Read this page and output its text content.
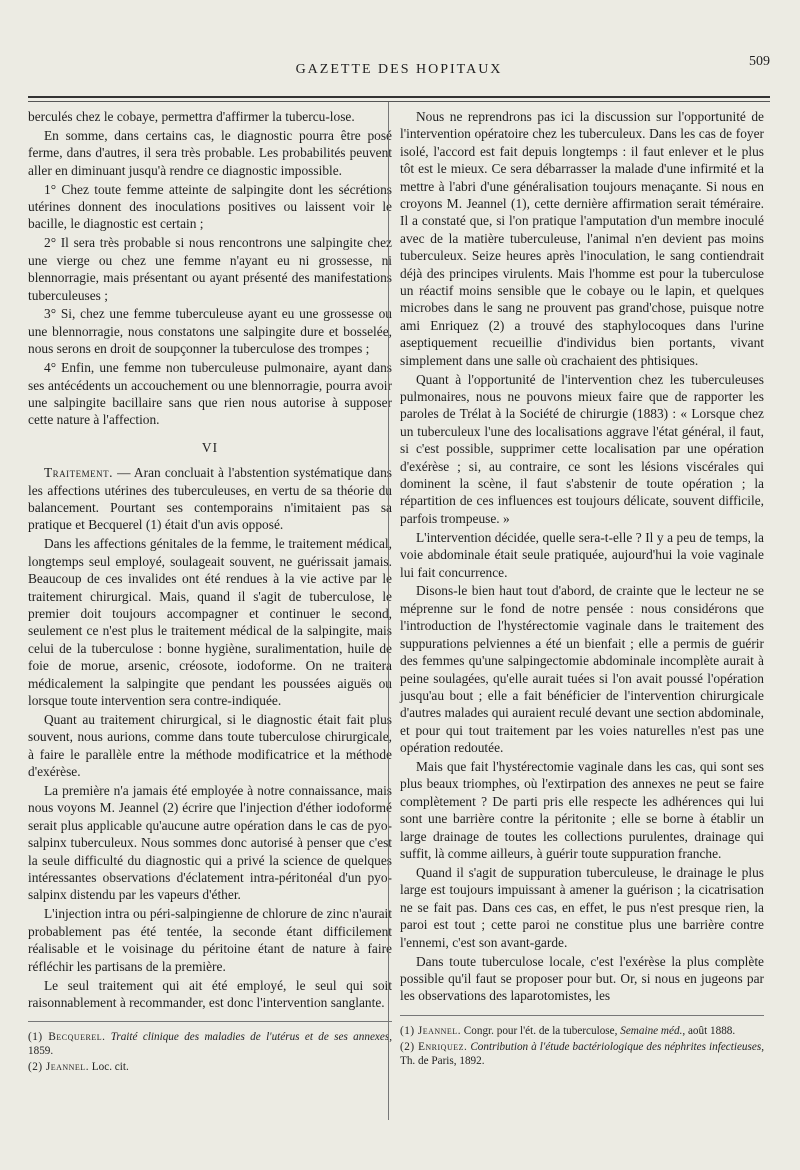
GAZETTE DES HOPITAUX
509

berculés chez le cobaye, permettra d'affirmer la tubercu-lose.

En somme, dans certains cas, le diagnostic pourra être posé ferme, dans d'autres, il sera très probable. Les probabilités peuvent aller en diminuant jusqu'à rendre ce diagnostic impossible.

1° Chez toute femme atteinte de salpingite dont les sécrétions utérines donnent des inoculations positives ou laissent voir le bacille, le diagnostic est certain ;

2° Il sera très probable si nous rencontrons une salpingite chez une vierge ou chez une femme n'ayant eu ni grossesse, ni blennorragie, mais présentant ou ayant présenté des manifestations tuberculeuses ;

3° Si, chez une femme tuberculeuse ayant eu une grossesse ou une blennorragie, nous constatons une salpingite dure et bosselée, nous serons en droit de soupçonner la tuberculose des trompes ;

4° Enfin, une femme non tuberculeuse pulmonaire, ayant dans ses antécédents un accouchement ou une blennorragie, pourra avoir une salpingite bacillaire sans que rien nous autorise à supposer cette nature à l'affection.

VI

Traitement. — Aran concluait à l'abstention systématique dans les affections utérines des tuberculeuses, en vertu de sa théorie du balancement. Pourtant ses contemporains n'imitaient pas sa pratique et Becquerel (1) était d'un avis opposé.

Dans les affections génitales de la femme, le traitement médical, longtemps seul employé, soulageait souvent, ne guérissait jamais. Beaucoup de ces invalides ont été rendues à la vie active par le traitement chirurgical. Mais, quand il s'agit de tuberculose, le premier doit toujours accompagner et continuer le second, seulement ce n'est plus le traitement médical de la salpingite, mais celui de la tuberculose : bonne hygiène, suralimentation, huile de foie de morue, arsenic, créosote, iodoforme. On ne traitera médicalement la salpingite que pendant les poussées aiguës ou lorsque toute intervention sera contre-indiquée.

Quant au traitement chirurgical, si le diagnostic était fait plus souvent, nous aurions, comme dans toute tuberculose chirurgicale, à faire le parallèle entre la méthode modificatrice et la méthode d'exérèse.

La première n'a jamais été employée à notre connaissance, mais nous voyons M. Jeannel (2) écrire que l'injection d'éther iodoformé serait plus applicable qu'aucune autre opération dans le cas de pyo-salpinx tuberculeux. Nous sommes donc autorisé à penser que c'est la seule difficulté du diagnostic qui a privé la science de quelques intéressantes observations d'éclatement intra-péritonéal d'un pyo-salpinx distendu par les vapeurs d'éther.

L'injection intra ou péri-salpingienne de chlorure de zinc n'aurait probablement pas été tentée, la seconde étant difficilement réalisable et le voisinage du péritoine étant de nature à faire réfléchir les partisans de la première.

Le seul traitement qui ait été employé, le seul qui soit raisonnablement à recommander, est donc l'intervention sanglante.

(1) Becquerel. Traité clinique des maladies de l'utérus et de ses annexes, 1859.
(2) Jeannel. Loc. cit.

Nous ne reprendrons pas ici la discussion sur l'opportunité de l'intervention opératoire chez les tuberculeux. Dans les cas de foyer isolé, l'accord est fait depuis longtemps : il faut enlever et le plus tôt est le mieux. Ce sera débarrasser la malade d'une infirmité et la mettre à l'abri d'une généralisation toujours menaçante. Si nous en croyons M. Jeannel (1), cette dernière affirmation serait téméraire. Il a constaté que, si l'on pratique l'amputation d'un membre inoculé avec de la matière tuberculeuse, l'animal n'en devient pas moins tuberculeux. Seize heures après l'inoculation, le sang contiendrait déjà des principes virulents. Mais l'homme est pour la tuberculose un réactif moins sensible que le cobaye ou le lapin, et quelques microbes dans le sang ne prouvent pas grand'chose, puisque notre ami Enriquez (2) a trouvé des staphylocoques dans l'urine aseptiquement recueillie d'individus bien portants, vivant simplement dans une salle où crachaient des phtisiques.

Quant à l'opportunité de l'intervention chez les tuberculeuses pulmonaires, nous ne pouvons mieux faire que de rapporter les paroles de Trélat à la Société de chirurgie (1883) : « Lorsque chez un tuberculeux l'une des localisations aggrave l'état général, il faut, si c'est possible, supprimer cette localisation par une opération d'exérèse ; si, au contraire, ce sont les lésions viscérales qui dominent la scène, il faut s'abstenir de toute opération ; la répartition de ces influences est toujours délicate, souvent difficile, parfois trompeuse. »

L'intervention décidée, quelle sera-t-elle ? Il y a peu de temps, la voie abdominale était seule pratiquée, aujourd'hui la voie vaginale lui fait concurrence.

Disons-le bien haut tout d'abord, de crainte que le lecteur ne se méprenne sur le fond de notre pensée : nous considérons que l'introduction de l'hystérectomie vaginale dans le traitement des suppurations pelviennes a été un bienfait ; elle a permis de guérir des femmes qu'une salpingectomie abdominale incomplète aurait à peine soulagées, qu'elle aurait tuées si l'on avait poussé l'opération jusqu'au bout ; elle a fait bénéficier de l'intervention chirurgicale d'autres malades qui auraient reculé devant une section abdominale, et pour qui tout traitement par les voies naturelles n'est pas une opération redoutée.

Mais que fait l'hystérectomie vaginale dans les cas, qui sont ses plus beaux triomphes, où l'extirpation des annexes ne peut se faire complètement ? De parti pris elle respecte les adhérences qui lui sont une barrière contre la péritonite ; elle se borne à établir un large drainage de toutes les collections purulentes, drainage qui suffit, là comme ailleurs, à guérir toute suppuration franche.

Quand il s'agit de suppuration tuberculeuse, le drainage le plus large est toujours impuissant à amener la guérison ; la cicatrisation ne se fait pas. Dans ces cas, en effet, le pus n'est presque rien, la paroi est tout ; cette paroi ne constitue plus une barrière contre l'ennemi, c'est son avant-garde.

Dans toute tuberculose locale, c'est l'exérèse la plus complète possible qu'il faut se proposer pour but. Or, si nous en jugeons par les observations des laparotomistes, les

(1) Jeannel. Congr. pour l'ét. de la tuberculose, Semaine méd., août 1888.
(2) Enriquez. Contribution à l'étude bactériologique des néphrites infectieuses, Th. de Paris, 1892.
